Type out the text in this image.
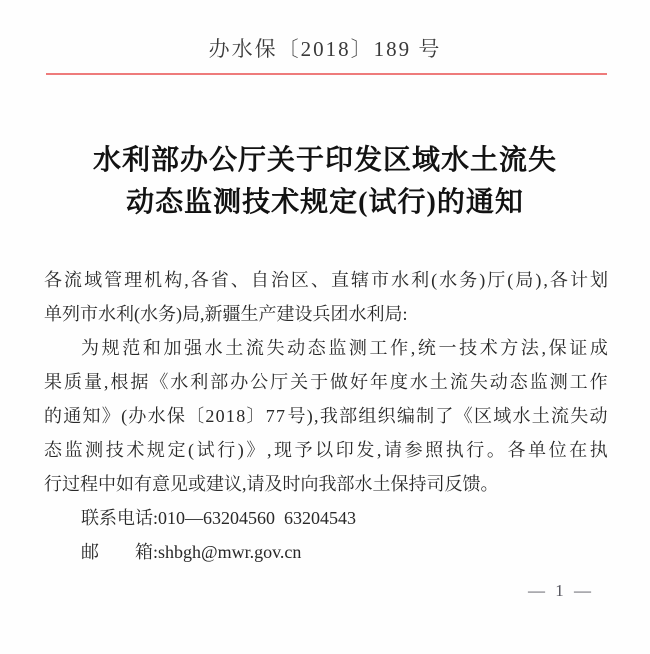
办水保〔2018〕189 号
水利部办公厅关于印发区域水土流失
动态监测技术规定(试行)的通知
各 流 域 管 理 机 构 , 各 省 、 自 治 区 、 直 辖 市 水 利 ( 水 务 ) 厅 ( 局 ) , 各 计 划
单列市水利(水务)局,新疆生产建设兵团水利局:
为 规 范 和 加 强 水 土 流 失 动 态 监 测 工 作 , 统 一 技 术 方 法 , 保 证 成
果 质 量 , 根 据 《 水 利 部 办 公 厅 关 于 做 好 年 度 水 土 流 失 动 态 监 测 工 作
的 通 知 》 ( 办 水 保 〔 2 0 1 8 〕 7 7 号 ) , 我 部 组 织 编 制 了 《 区 域 水 土 流 失 动
态 监 测 技 术 规 定 ( 试 行 ) 》 , 现 予 以 印 发 , 请 参 照 执 行 。 各 单 位 在 执
行过程中如有意见或建议,请及时向我部水土保持司反馈。
联系电话:010—63204560  63204543
邮　　箱:shbgh@mwr.gov.cn
— 1 —
